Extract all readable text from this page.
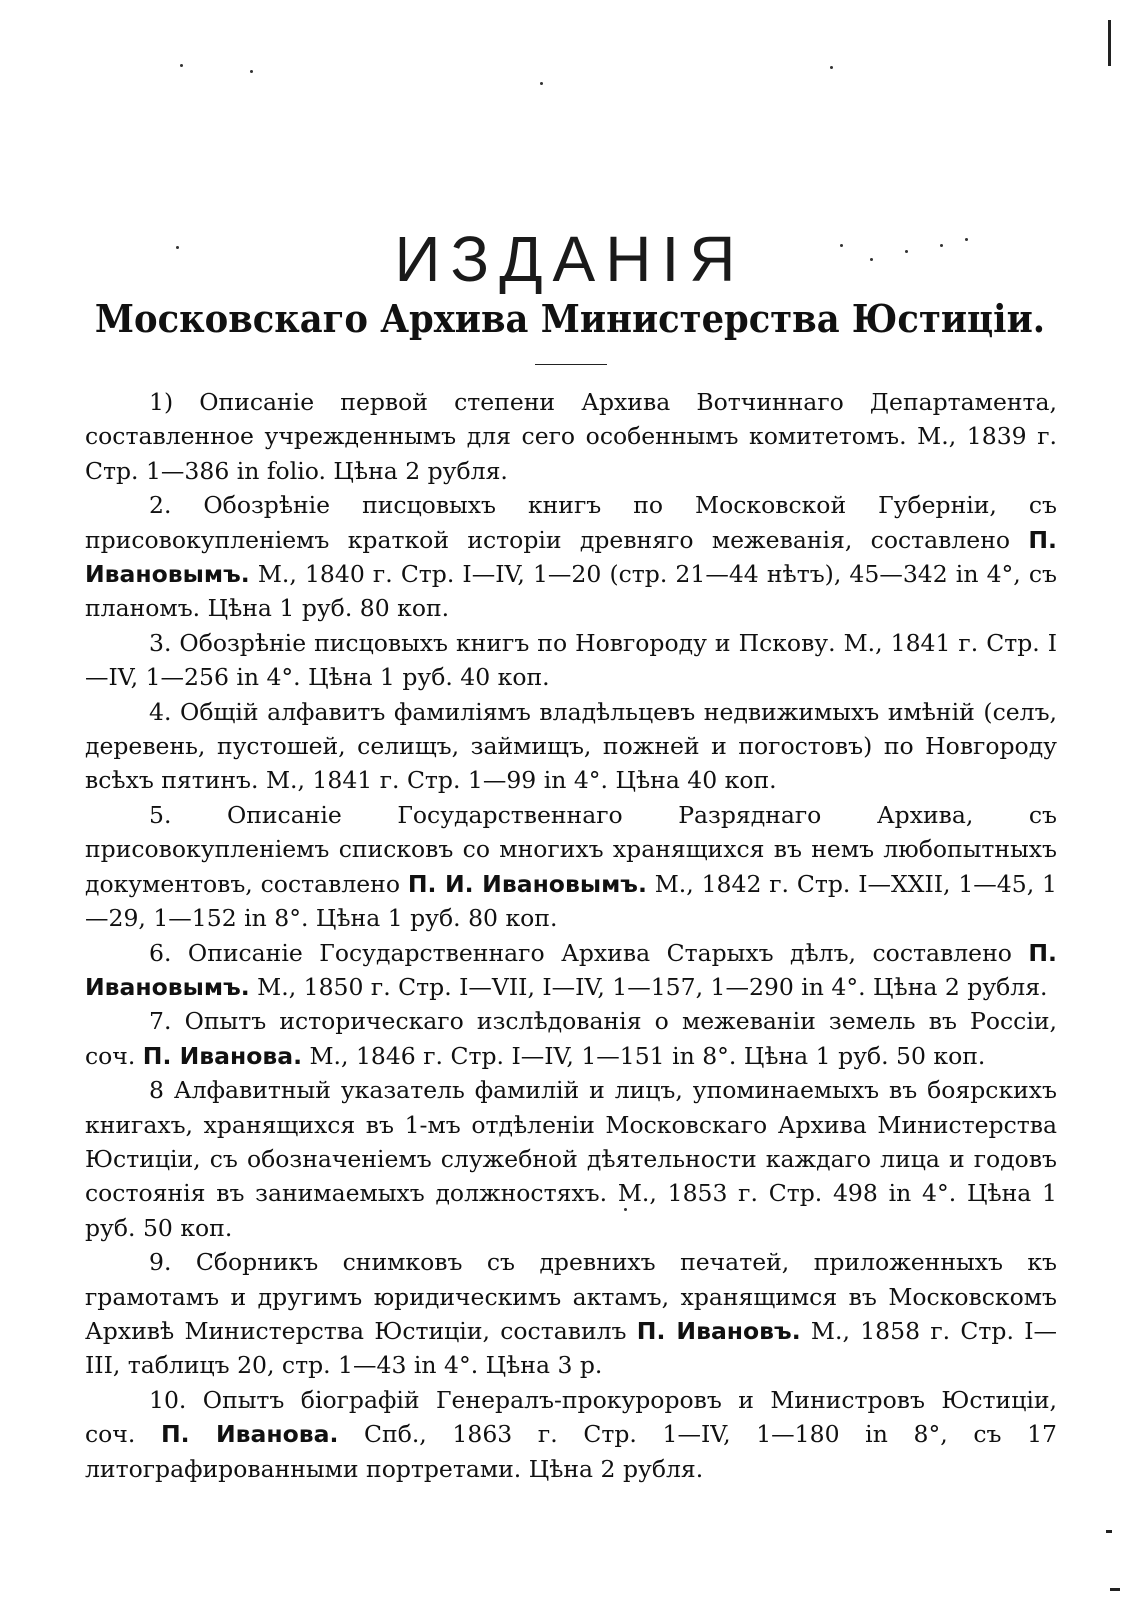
ИЗДАНІЯ
Московскаго Архива Министерства Юстиціи.

1) Описаніе первой степени Архива Вотчиннаго Департамента, составленное учрежденнымъ для сего особеннымъ комитетомъ. М., 1839 г. Стр. 1—386 in folio. Цѣна 2 рубля.

2. Обозрѣніе писцовыхъ книгъ по Московской Губерніи, съ присовокупленіемъ краткой исторіи древняго межеванія, составлено П. Ивановымъ. М., 1840 г. Стр. I—IV, 1—20 (стр. 21—44 нѣтъ), 45—342 in 4°, съ планомъ. Цѣна 1 руб. 80 коп.

3. Обозрѣніе писцовыхъ книгъ по Новгороду и Пскову. М., 1841 г. Стр. I—IV, 1—256 in 4°. Цѣна 1 руб. 40 коп.

4. Общій алфавитъ фамиліямъ владѣльцевъ недвижимыхъ имѣній (селъ, деревень, пустошей, селищъ, займищъ, пожней и погостовъ) по Новгороду всѣхъ пятинъ. М., 1841 г. Стр. 1—99 in 4°. Цѣна 40 коп.

5. Описаніе Государственнаго Разряднаго Архива, съ присовокупленіемъ списковъ со многихъ хранящихся въ немъ любопытныхъ документовъ, составлено П. И. Ивановымъ. М., 1842 г. Стр. I—XXII, 1—45, 1—29, 1—152 in 8°. Цѣна 1 руб. 80 коп.

6. Описаніе Государственнаго Архива Старыхъ дѣлъ, составлено П. Ивановымъ. М., 1850 г. Стр. I—VII, I—IV, 1—157, 1—290 in 4°. Цѣна 2 рубля.

7. Опытъ историческаго изслѣдованія о межеваніи земель въ Россіи, соч. П. Иванова. М., 1846 г. Стр. I—IV, 1—151 in 8°. Цѣна 1 руб. 50 коп.

8 Алфавитный указатель фамилій и лицъ, упоминаемыхъ въ боярскихъ книгахъ, хранящихся въ 1-мъ отдѣленіи Московскаго Архива Министерства Юстиціи, съ обозначеніемъ служебной дѣятельности каждаго лица и годовъ состоянія въ занимаемыхъ должностяхъ. М., 1853 г. Стр. 498 in 4°. Цѣна 1 руб. 50 коп.

9. Сборникъ снимковъ съ древнихъ печатей, приложенныхъ къ грамотамъ и другимъ юридическимъ актамъ, хранящимся въ Московскомъ Архивѣ Министерства Юстиціи, составилъ П. Ивановъ. М., 1858 г. Стр. I—III, таблицъ 20, стр. 1—43 in 4°. Цѣна 3 р.

10. Опытъ біографій Генералъ-прокуроровъ и Министровъ Юстиціи, соч. П. Иванова. Спб., 1863 г. Стр. 1—IV, 1—180 in 8°, съ 17 литографированными портретами. Цѣна 2 рубля.
